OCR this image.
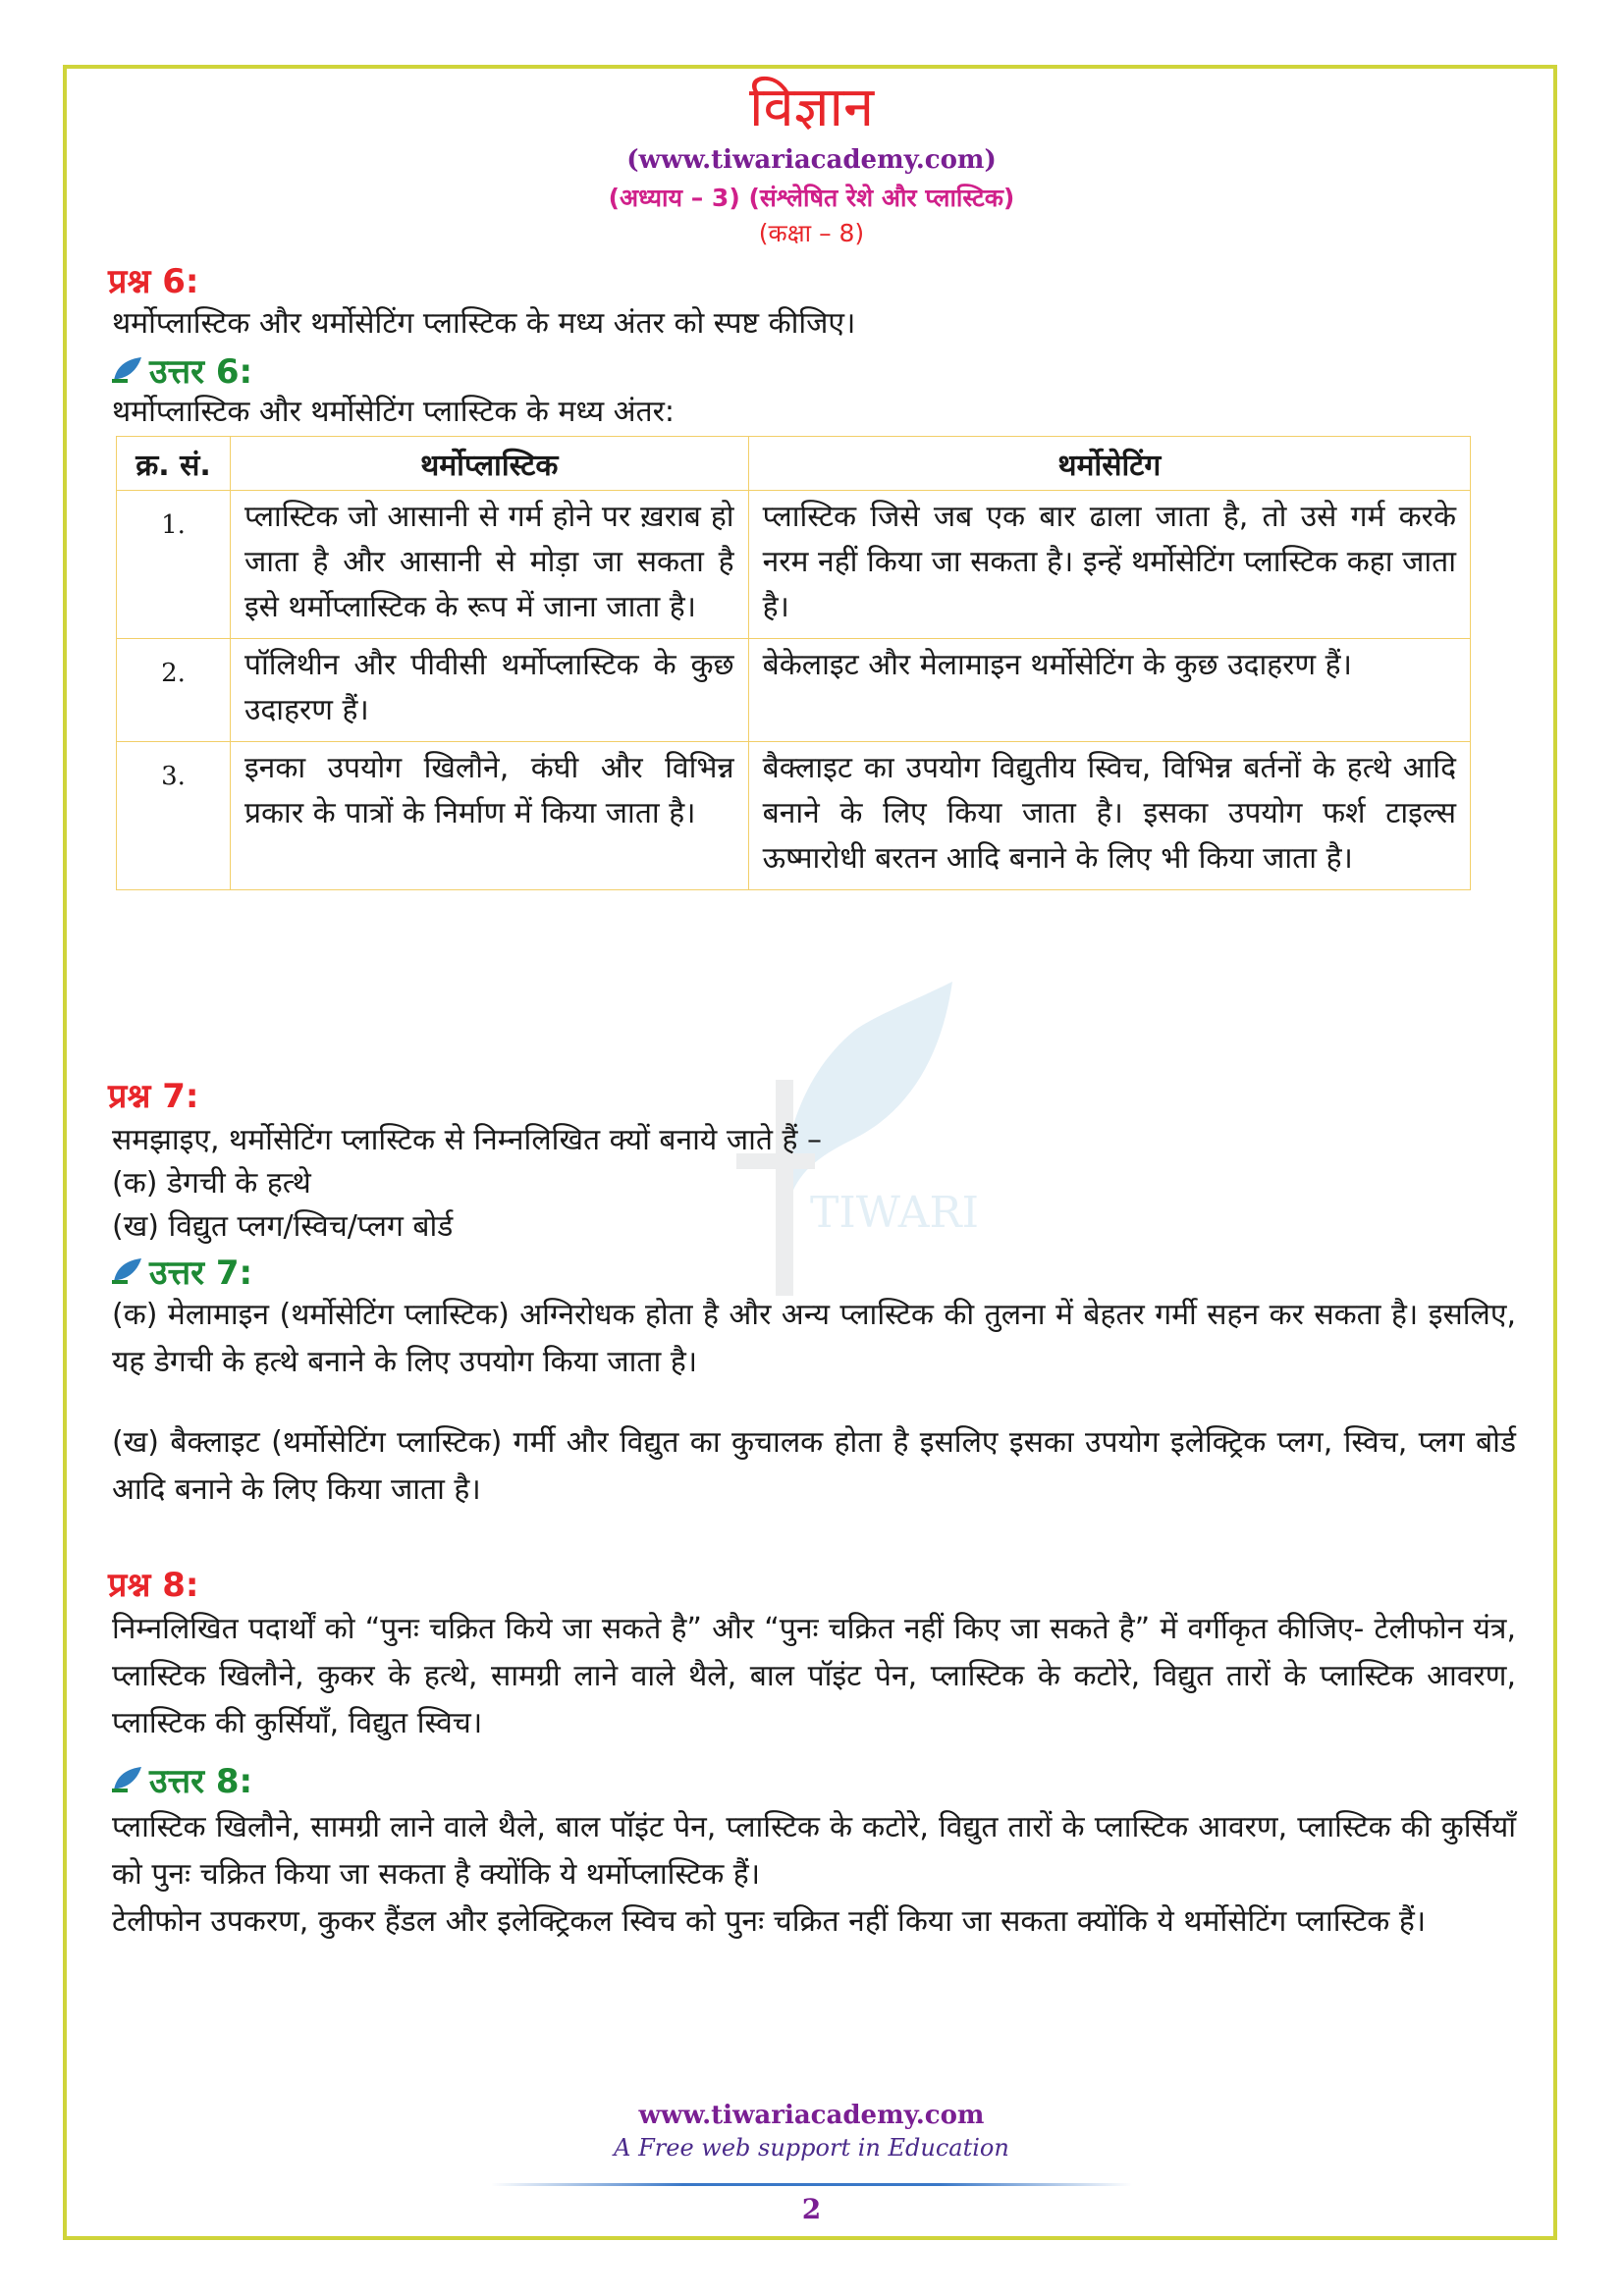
TIWARI
विज्ञान
(www.tiwariacademy.com)
(अध्याय – 3) (संश्लेषित रेशे और प्लास्टिक)
(कक्षा – 8)
प्रश्न 6:
थर्मोप्लास्टिक और थर्मोसेटिंग प्लास्टिक के मध्य अंतर को स्पष्ट कीजिए।
उत्तर 6:
थर्मोप्लास्टिक और थर्मोसेटिंग प्लास्टिक के मध्य अंतर:
क्र. सं.	थर्मोप्लास्टिक	थर्मोसेटिंग
1.	प्लास्टिक जो आसानी से गर्म होने पर ख़राब हो जाता है और आसानी से मोड़ा जा सकता है इसे थर्मोप्लास्टिक के रूप में जाना जाता है।	प्लास्टिक जिसे जब एक बार ढाला जाता है, तो उसे गर्म करके नरम नहीं किया जा सकता है। इन्हें थर्मोसेटिंग प्लास्टिक कहा जाता है।
2.	पॉलिथीन और पीवीसी थर्मोप्लास्टिक के कुछ उदाहरण हैं।	बेकेलाइट और मेलामाइन थर्मोसेटिंग के कुछ उदाहरण हैं।
3.	इनका उपयोग खिलौने, कंघी और विभिन्न प्रकार के पात्रों के निर्माण में किया जाता है।	बैक्लाइट का उपयोग विद्युतीय स्विच, विभिन्न बर्तनों के हत्थे आदि बनाने के लिए किया जाता है। इसका उपयोग फर्श टाइल्स ऊष्मारोधी बरतन आदि बनाने के लिए भी किया जाता है।
प्रश्न 7:
समझाइए, थर्मोसेटिंग प्लास्टिक से निम्नलिखित क्यों बनाये जाते हैं –
(क) डेगची के हत्थे
(ख) विद्युत प्लग/स्विच/प्लग बोर्ड
उत्तर 7:
(क) मेलामाइन (थर्मोसेटिंग प्लास्टिक) अग्निरोधक होता है और अन्य प्लास्टिक की तुलना में बेहतर गर्मी सहन कर सकता है। इसलिए, यह डेगची के हत्थे बनाने के लिए उपयोग किया जाता है।
(ख) बैक्लाइट (थर्मोसेटिंग प्लास्टिक) गर्मी और विद्युत का कुचालक होता है इसलिए इसका उपयोग इलेक्ट्रिक प्लग, स्विच, प्लग बोर्ड आदि बनाने के लिए किया जाता है।
प्रश्न 8:
निम्नलिखित पदार्थों को “पुनः चक्रित किये जा सकते है” और “पुनः चक्रित नहीं किए जा सकते है” में वर्गीकृत कीजिए- टेलीफोन यंत्र, प्लास्टिक खिलौने, कुकर के हत्थे, सामग्री लाने वाले थैले, बाल पॉइंट पेन, प्लास्टिक के कटोरे, विद्युत तारों के प्लास्टिक आवरण, प्लास्टिक की कुर्सियाँ, विद्युत स्विच।
उत्तर 8:
प्लास्टिक खिलौने, सामग्री लाने वाले थैले, बाल पॉइंट पेन, प्लास्टिक के कटोरे, विद्युत तारों के प्लास्टिक आवरण, प्लास्टिक की कुर्सियाँ को पुनः चक्रित किया जा सकता है क्योंकि ये थर्मोप्लास्टिक हैं।
टेलीफोन उपकरण, कुकर हैंडल और इलेक्ट्रिकल स्विच को पुनः चक्रित नहीं किया जा सकता क्योंकि ये थर्मोसेटिंग प्लास्टिक हैं।
www.tiwariacademy.com
A Free web support in Education
2
